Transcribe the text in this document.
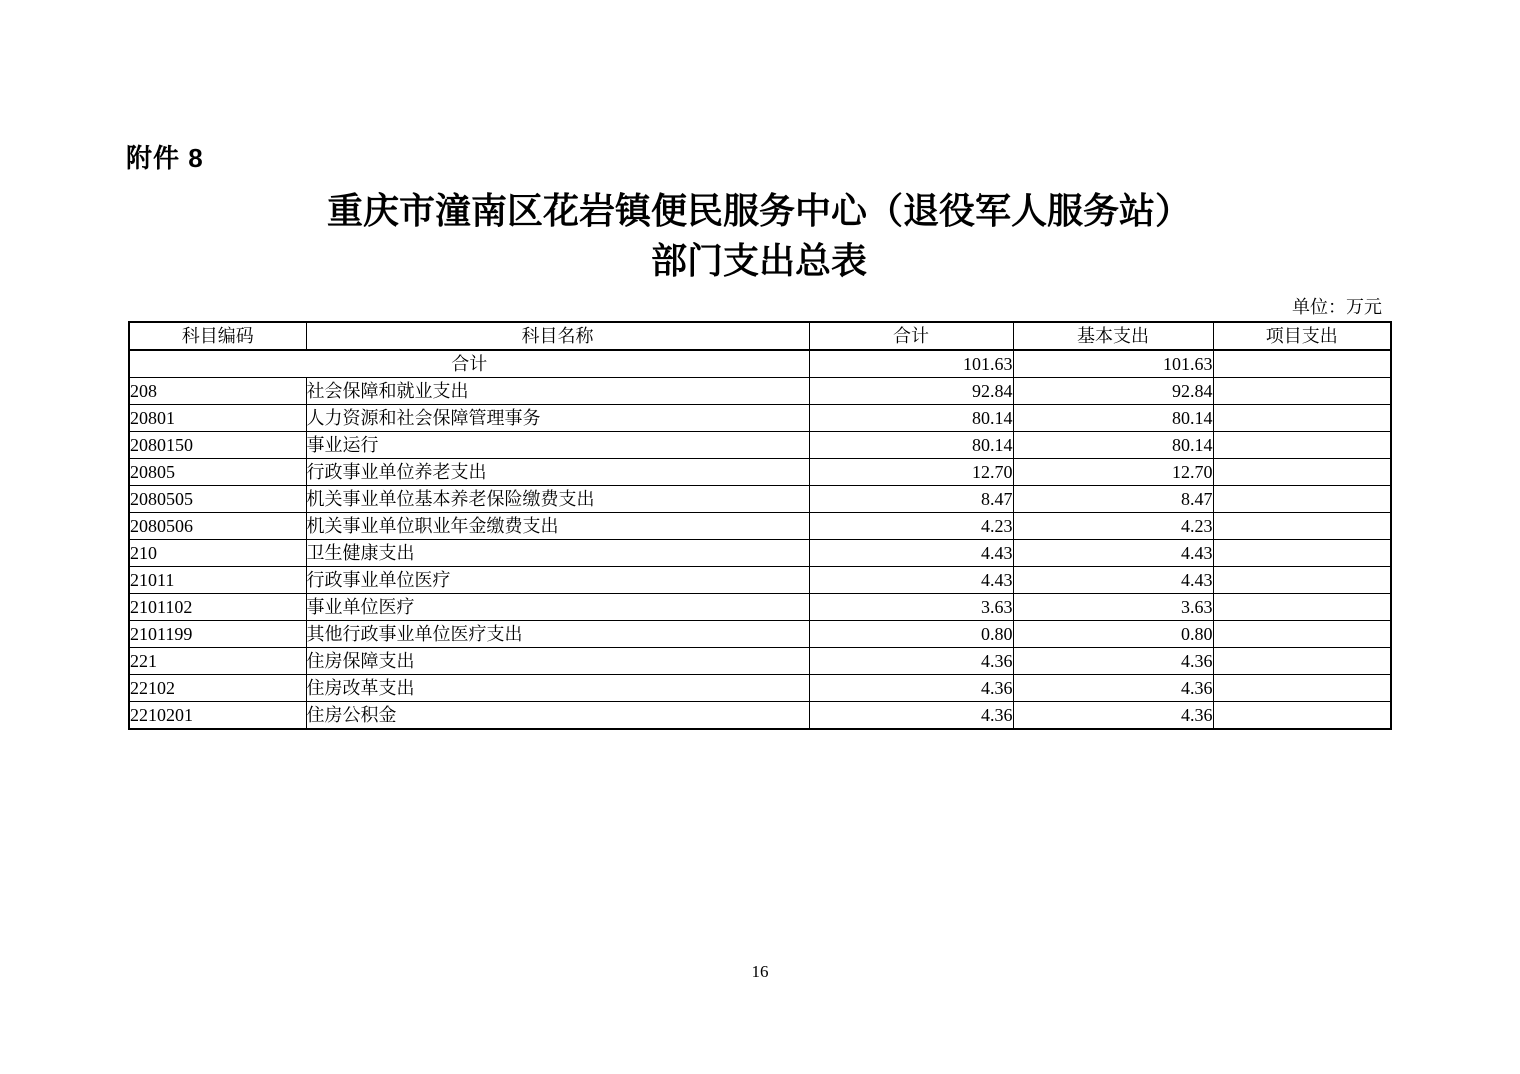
附件 8
重庆市潼南区花岩镇便民服务中心（退役军人服务站）
部门支出总表
单位：万元
科目编码	科目名称	合计	基本支出	项目支出
合计		101.63	101.63	
208	社会保障和就业支出	92.84	92.84	
20801	人力资源和社会保障管理事务	80.14	80.14	
2080150	事业运行	80.14	80.14	
20805	行政事业单位养老支出	12.70	12.70	
2080505	机关事业单位基本养老保险缴费支出	8.47	8.47	
2080506	机关事业单位职业年金缴费支出	4.23	4.23	
210	卫生健康支出	4.43	4.43	
21011	行政事业单位医疗	4.43	4.43	
2101102	事业单位医疗	3.63	3.63	
2101199	其他行政事业单位医疗支出	0.80	0.80	
221	住房保障支出	4.36	4.36	
22102	住房改革支出	4.36	4.36	
2210201	住房公积金	4.36	4.36	
16
